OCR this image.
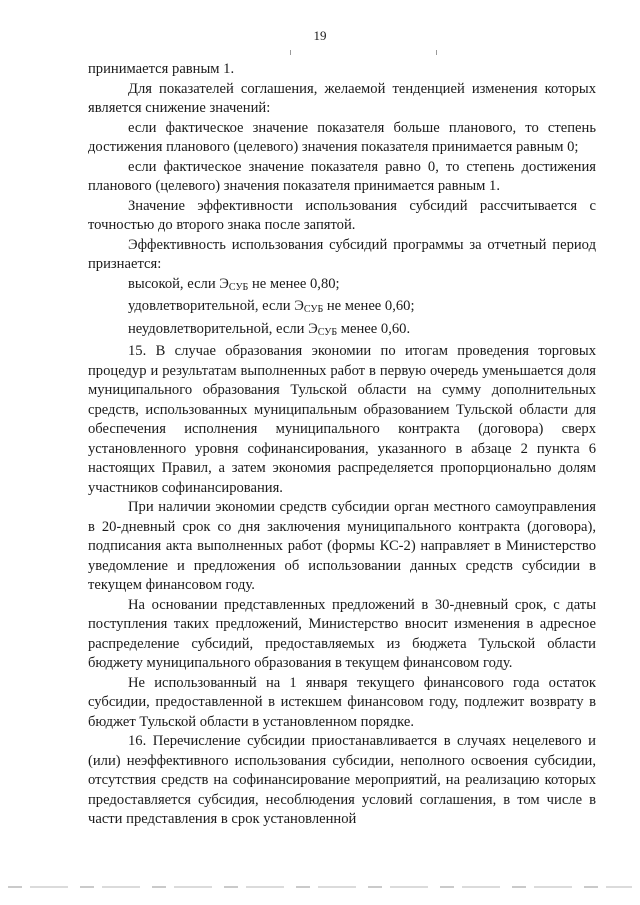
19

принимается равным 1.

Для показателей соглашения, желаемой тенденцией изменения которых является снижение значений:

если фактическое значение показателя больше планового, то степень достижения планового (целевого) значения показателя принимается равным 0;

если фактическое значение показателя равно 0, то степень достижения планового (целевого) значения показателя принимается равным 1.

Значение эффективности использования субсидий рассчитывается с точностью до второго знака после запятой.

Эффективность использования субсидий программы за отчетный период признается:

высокой, если $Э_{СУБ}$ не менее 0,80;

удовлетворительной, если $Э_{СУБ}$ не менее 0,60;

неудовлетворительной, если $Э_{СУБ}$ менее 0,60.

15. В случае образования экономии по итогам проведения торговых процедур и результатам выполненных работ в первую очередь уменьшается доля муниципального образования Тульской области на сумму дополнительных средств, использованных муниципальным образованием Тульской области для обеспечения исполнения муниципального контракта (договора) сверх установленного уровня софинансирования, указанного в абзаце 2 пункта 6 настоящих Правил, а затем экономия распределяется пропорционально долям участников софинансирования.

При наличии экономии средств субсидии орган местного самоуправления в 20-дневный срок со дня заключения муниципального контракта (договора), подписания акта выполненных работ (формы КС-2) направляет в Министерство уведомление и предложения об использовании данных средств субсидии в текущем финансовом году.

На основании представленных предложений в 30-дневный срок, с даты поступления таких предложений, Министерство вносит изменения в адресное распределение субсидий, предоставляемых из бюджета Тульской области бюджету муниципального образования в текущем финансовом году.

Не использованный на 1 января текущего финансового года остаток субсидии, предоставленной в истекшем финансовом году, подлежит возврату в бюджет Тульской области в установленном порядке.

16. Перечисление субсидии приостанавливается в случаях нецелевого и (или) неэффективного использования субсидии, неполного освоения субсидии, отсутствия средств на софинансирование мероприятий, на реализацию которых предоставляется субсидия, несоблюдения условий соглашения, в том числе в части представления в срок установленной
